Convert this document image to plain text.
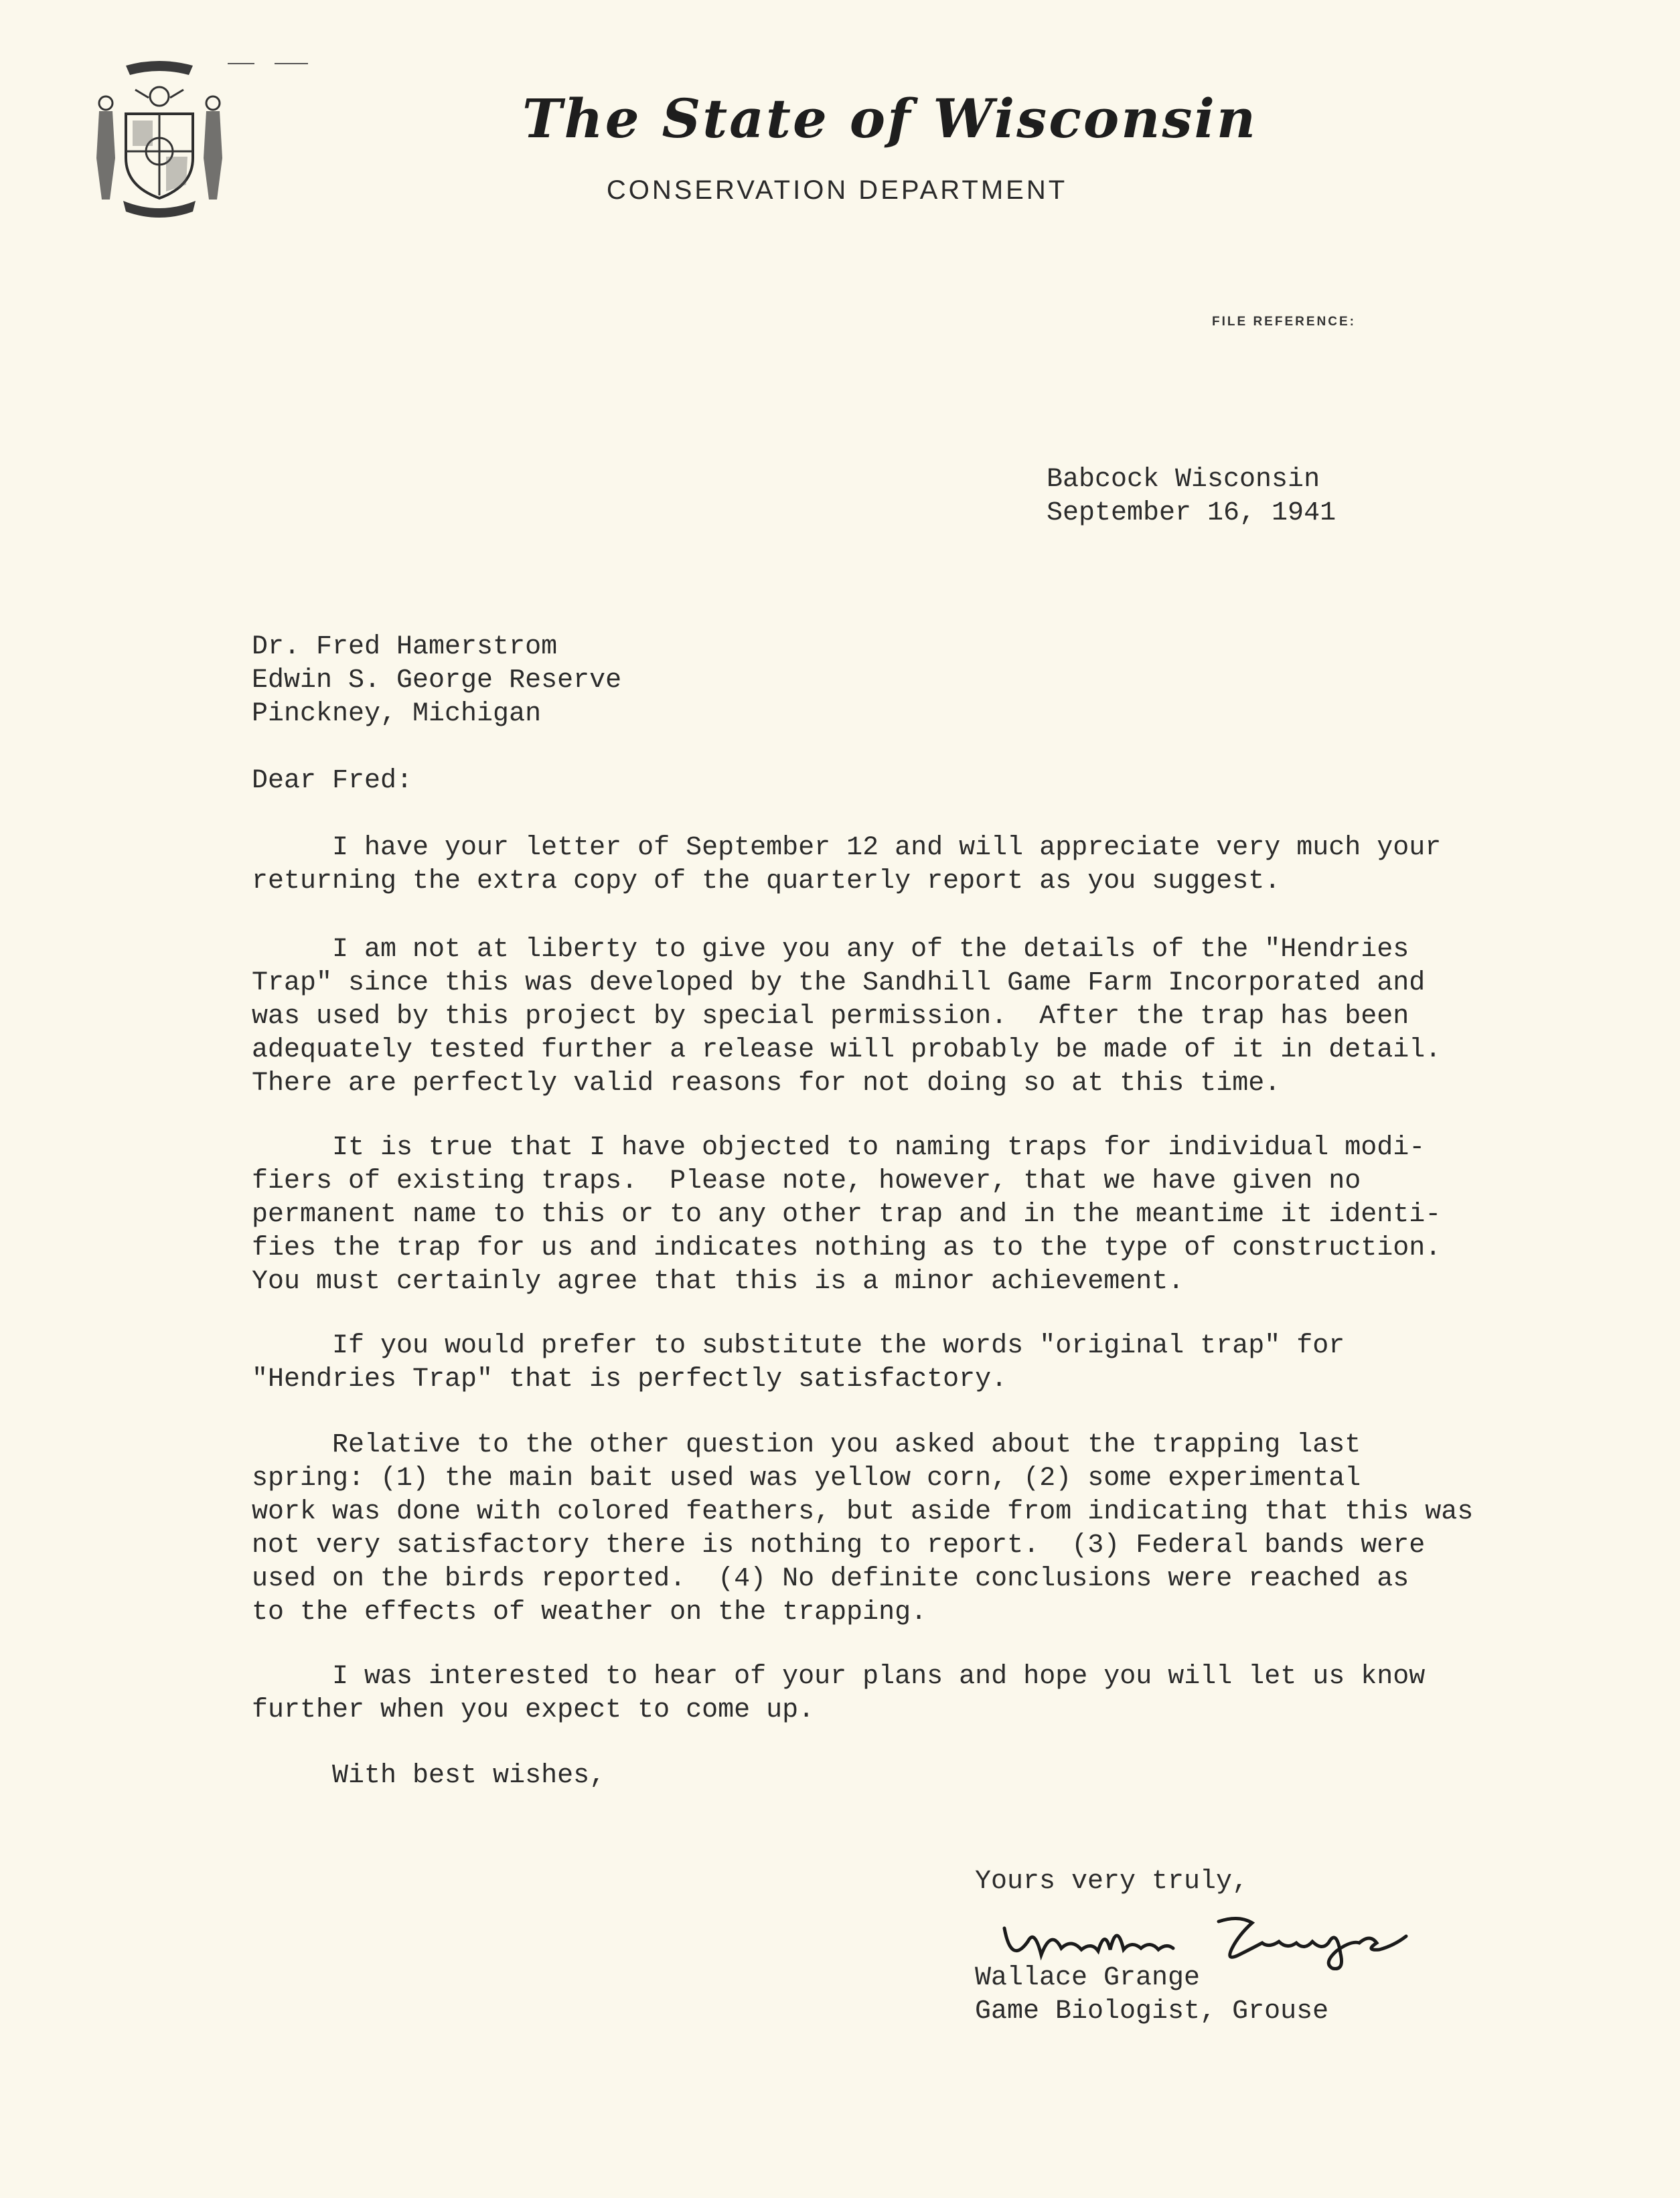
The State of Wisconsin
CONSERVATION DEPARTMENT
FILE REFERENCE:
Babcock Wisconsin
September 16, 1941
Dr. Fred Hamerstrom
Edwin S. George Reserve
Pinckney, Michigan
Dear Fred:
I have your letter of September 12 and will appreciate very much your
returning the extra copy of the quarterly report as you suggest.
I am not at liberty to give you any of the details of the "Hendries
Trap" since this was developed by the Sandhill Game Farm Incorporated and
was used by this project by special permission.  After the trap has been
adequately tested further a release will probably be made of it in detail.
There are perfectly valid reasons for not doing so at this time.
It is true that I have objected to naming traps for individual modi-
fiers of existing traps.  Please note, however, that we have given no
permanent name to this or to any other trap and in the meantime it identi-
fies the trap for us and indicates nothing as to the type of construction.
You must certainly agree that this is a minor achievement.
If you would prefer to substitute the words "original trap" for
"Hendries Trap" that is perfectly satisfactory.
Relative to the other question you asked about the trapping last
spring: (1) the main bait used was yellow corn, (2) some experimental
work was done with colored feathers, but aside from indicating that this was
not very satisfactory there is nothing to report.  (3) Federal bands were
used on the birds reported.  (4) No definite conclusions were reached as
to the effects of weather on the trapping.
I was interested to hear of your plans and hope you will let us know
further when you expect to come up.
With best wishes,
Yours very truly,
Wallace Grange
Game Biologist, Grouse
